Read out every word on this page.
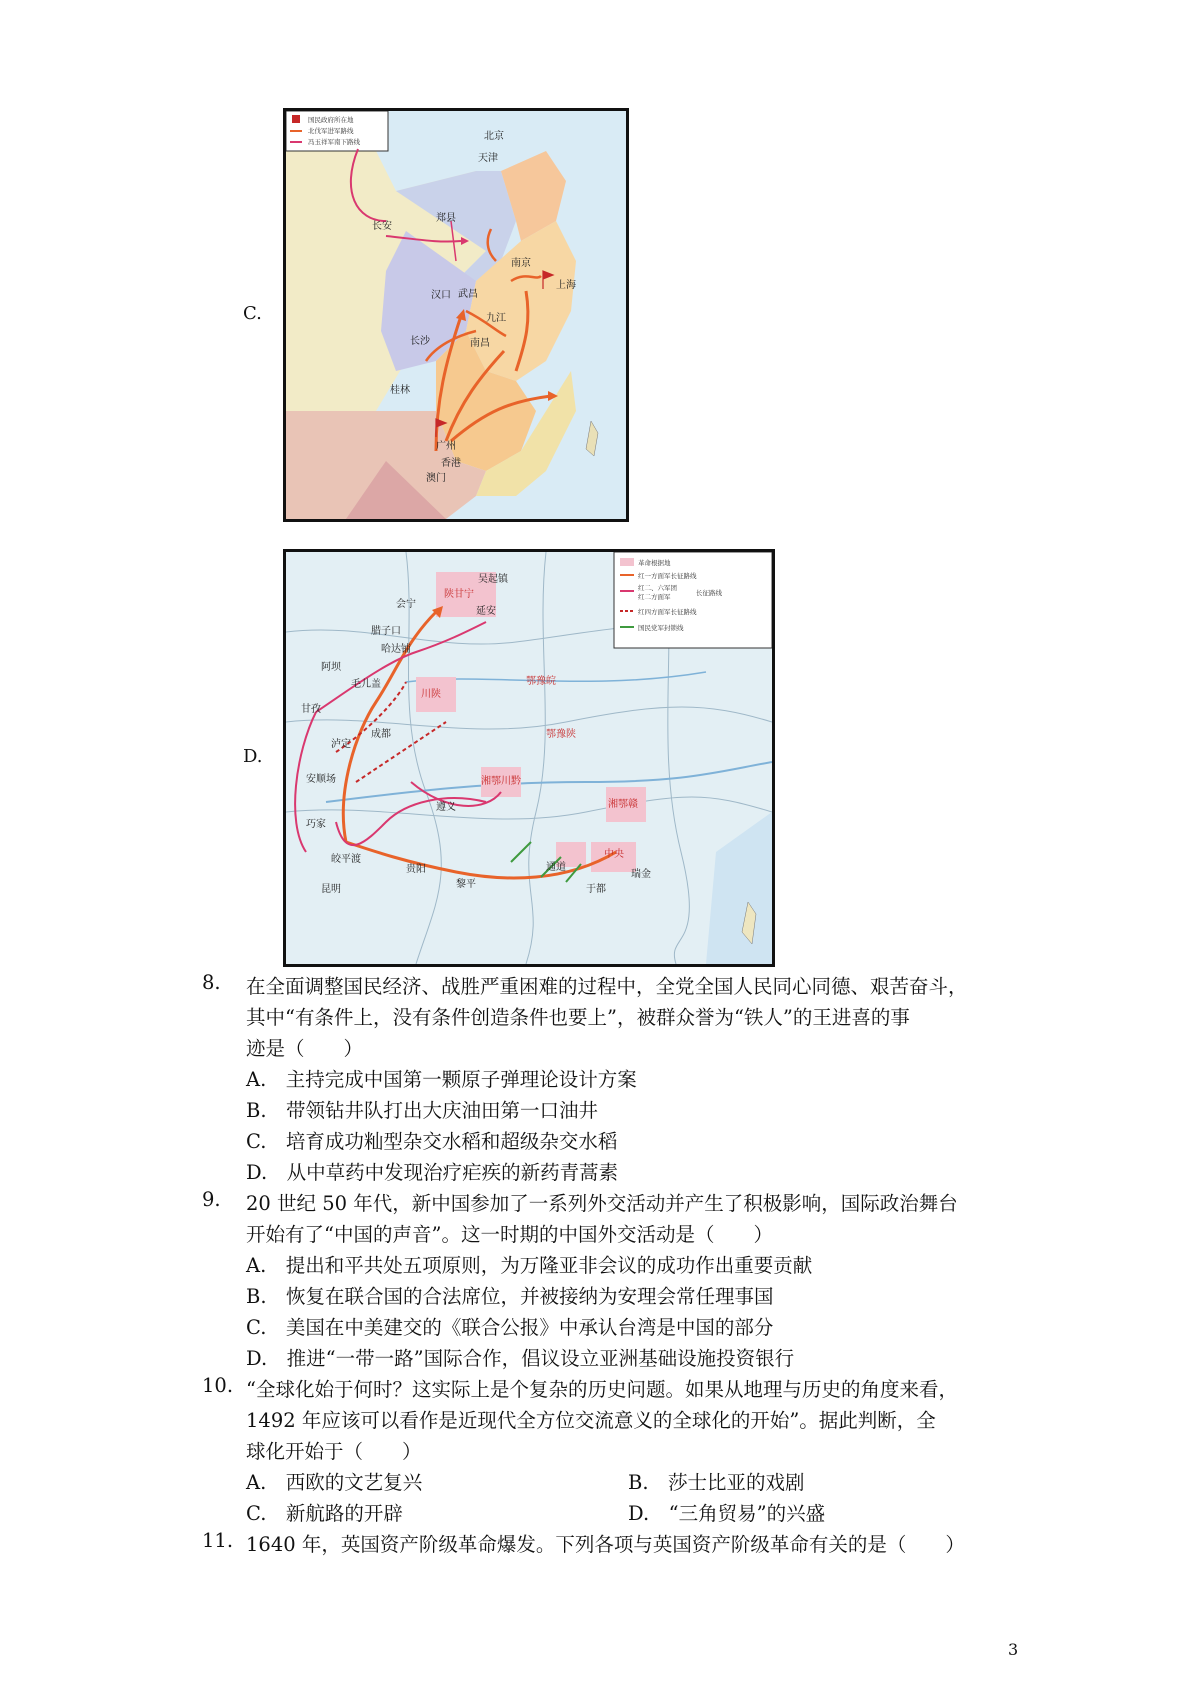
C.
国民政府所在地
北伐军进军路线
冯玉祥军南下路线	北京
天津
长安
郑县
南京
上海
汉口 武昌
九江
长沙	南昌
桂林
广州
香港
澳门
D.
革命根据地
红一方面军长征路线
红二、六军团
红二方面军	长征路线
红四方面军长征路线
国民党军封锁线
陕甘宁
鄂豫皖
川陕
鄂豫陕
湘鄂川黔
湘鄂赣
中央
吴起镇
延安
会宁
腊子口
哈达铺
阿坝
毛儿盖
甘孜
成都
泸定
安顺场
遵义
瑞金
贵阳
昆明
巧家
皎平渡
黎平
通道
于都
8. 在全面调整国民经济、战胜严重困难的过程中，全党全国人民同心同德、艰苦奋斗，
其中“有条件上，没有条件创造条件也要上”，被群众誉为“铁人”的王进喜的事
迹是（　　）
A.　主持完成中国第一颗原子弹理论设计方案
B.　带领钻井队打出大庆油田第一口油井
C.　培育成功籼型杂交水稻和超级杂交水稻
D.　从中草药中发现治疗疟疾的新药青蒿素
9. 20 世纪 50 年代，新中国参加了一系列外交活动并产生了积极影响，国际政治舞台
开始有了“中国的声音”。这一时期的中国外交活动是（　　）
A.　提出和平共处五项原则，为万隆亚非会议的成功作出重要贡献
B.　恢复在联合国的合法席位，并被接纳为安理会常任理事国
C.　美国在中美建交的《联合公报》中承认台湾是中国的部分
D.　推进“一带一路”国际合作，倡议设立亚洲基础设施投资银行
10. “全球化始于何时？这实际上是个复杂的历史问题。如果从地理与历史的角度来看，
1492 年应该可以看作是近现代全方位交流意义的全球化的开始”。据此判断，全
球化开始于（　　）
A.　西欧的文艺复兴	B.　莎士比亚的戏剧
C.　新航路的开辟	D.　“三角贸易”的兴盛
11. 1640 年，英国资产阶级革命爆发。下列各项与英国资产阶级革命有关的是（　　）
3
